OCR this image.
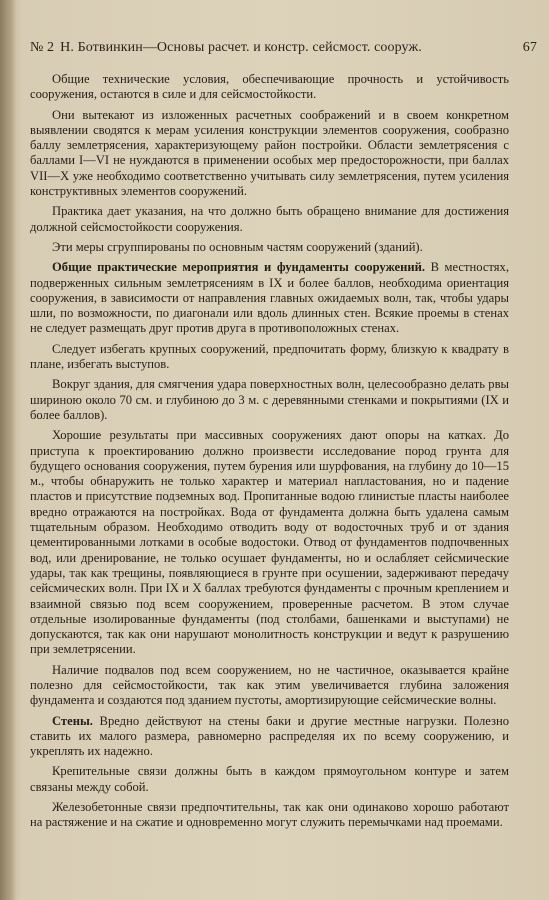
№ 2 Н. Ботвинкин—Основы расчет. и констр. сейсмост. сооруж.	67

Общие технические условия, обеспечивающие прочность и устойчивость сооружения, остаются в силе и для сейсмостойкости.

Они вытекают из изложенных расчетных соображений и в своем конкретном выявлении сводятся к мерам усиления конструкции элементов сооружения, сообразно баллу землетрясения, характеризующему район постройки. Области землетрясения с баллами I—VI не нуждаются в применении особых мер предосторожности, при баллах VII—X уже необходимо соответственно учитывать силу землетрясения, путем усиления конструктивных элементов сооружений.

Практика дает указания, на что должно быть обращено внимание для достижения должной сейсмостойкости сооружения.

Эти меры сгруппированы по основным частям сооружений (зданий).

Общие практические мероприятия и фундаменты сооружений. В местностях, подверженных сильным землетрясениям в IX и более баллов, необходима ориентация сооружения, в зависимости от направления главных ожидаемых волн, так, чтобы удары шли, по возможности, по диагонали или вдоль длинных стен. Всякие проемы в стенах не следует размещать друг против друга в противоположных стенах.

Следует избегать крупных сооружений, предпочитать форму, близкую к квадрату в плане, избегать выступов.

Вокруг здания, для смягчения удара поверхностных волн, целесообразно делать рвы шириною около 70 см. и глубиною до 3 м. с деревянными стенками и покрытиями (IX и более баллов).

Хорошие результаты при массивных сооружениях дают опоры на катках. До приступа к проектированию должно произвести исследование пород грунта для будущего основания сооружения, путем бурения или шурфования, на глубину до 10—15 м., чтобы обнаружить не только характер и материал напластования, но и падение пластов и присутствие подземных вод. Пропитанные водою глинистые пласты наиболее вредно отражаются на постройках. Вода от фундамента должна быть удалена самым тщательным образом. Необходимо отводить воду от водосточных труб и от здания цементированными лотками в особые водостоки. Отвод от фундаментов подпочвенных вод, или дренирование, не только осушает фундаменты, но и ослабляет сейсмические удары, так как трещины, появляющиеся в грунте при осушении, задерживают передачу сейсмических волн. При IX и X баллах требуются фундаменты с прочным креплением и взаимной связью под всем сооружением, проверенные расчетом. В этом случае отдельные изолированные фундаменты (под столбами, башенками и выступами) не допускаются, так как они нарушают монолитность конструкции и ведут к разрушению при землетрясении.

Наличие подвалов под всем сооружением, но не частичное, оказывается крайне полезно для сейсмостойкости, так как этим увеличивается глубина заложения фундамента и создаются под зданием пустоты, амортизирующие сейсмические волны.

Стены. Вредно действуют на стены баки и другие местные нагрузки. Полезно ставить их малого размера, равномерно распределяя их по всему сооружению, и укреплять их надежно.

Крепительные связи должны быть в каждом прямоугольном контуре и затем связаны между собой.

Железобетонные связи предпочтительны, так как они одинаково хорошо работают на растяжение и на сжатие и одновременно могут служить перемычками над проемами.
